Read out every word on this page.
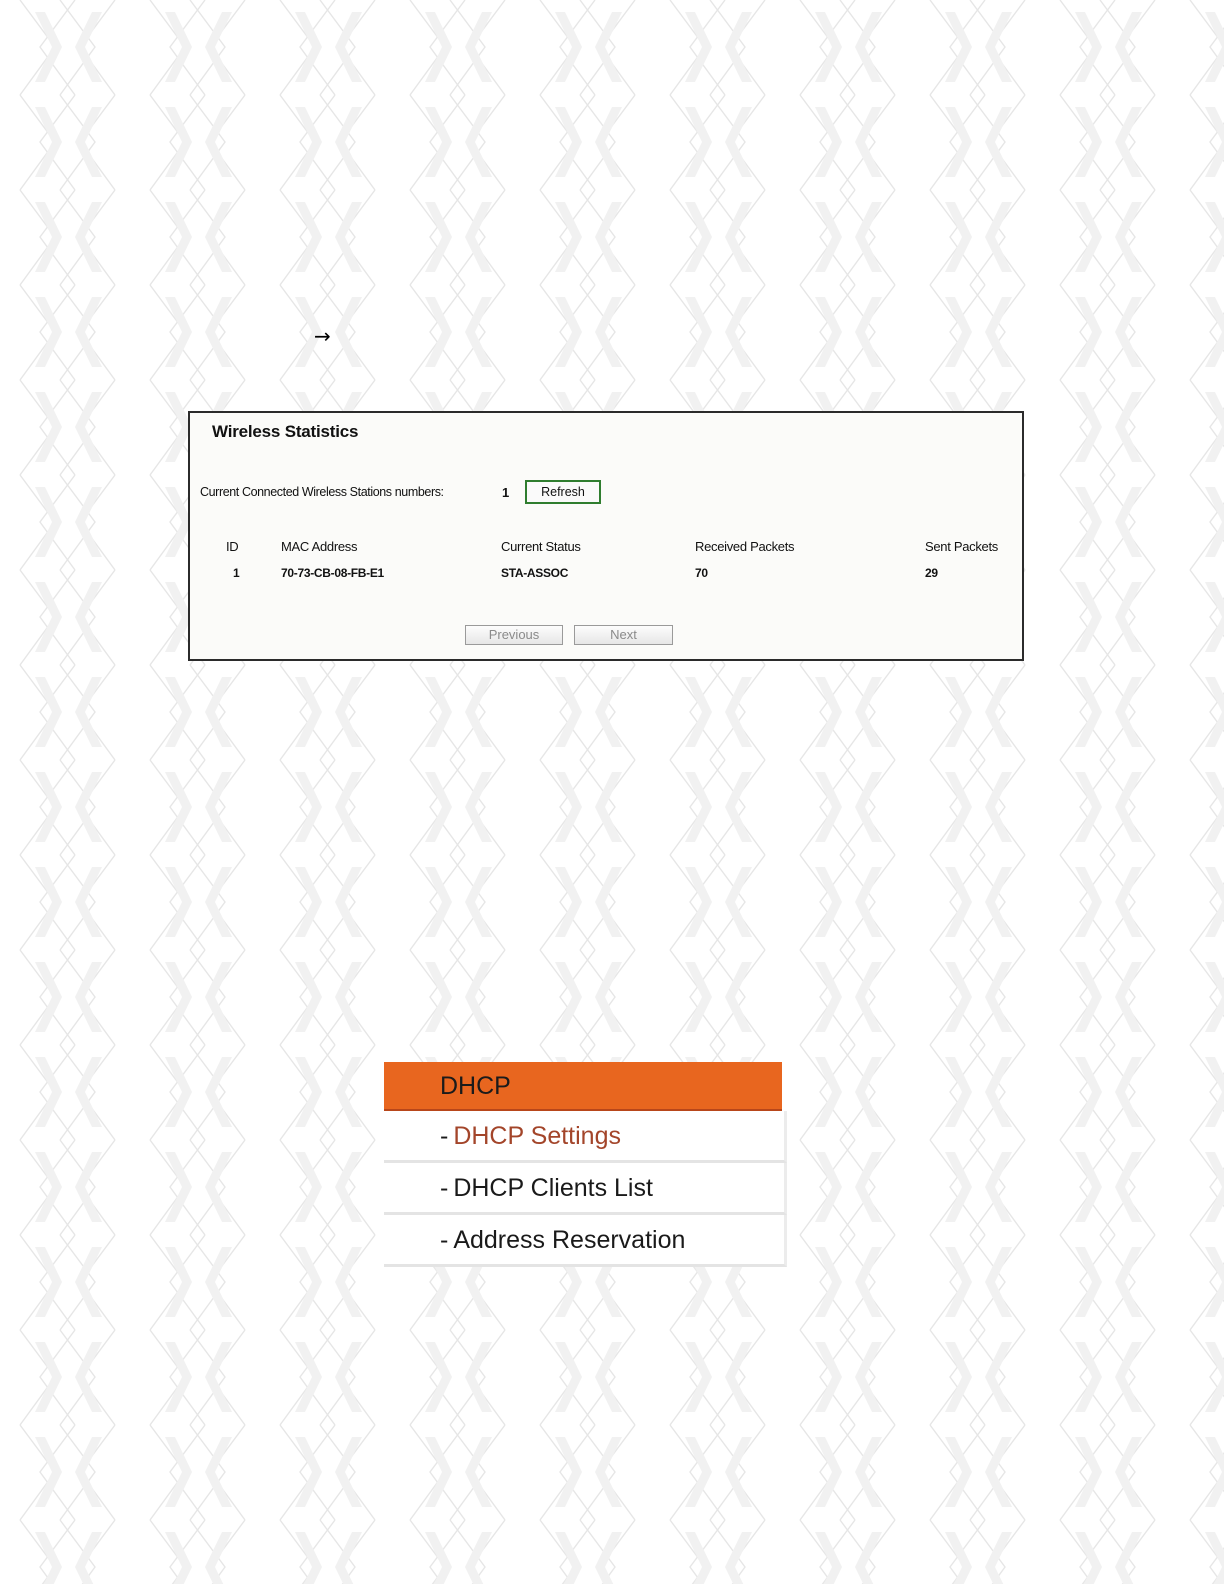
→
Wireless Statistics
Current Connected Wireless Stations numbers:	1	Refresh
ID	MAC Address	Current Status	Received Packets	Sent Packets
1	70-73-CB-08-FB-E1	STA-ASSOC	70	29
Previous	Next
DHCP
- DHCP Settings
- DHCP Clients List
- Address Reservation
